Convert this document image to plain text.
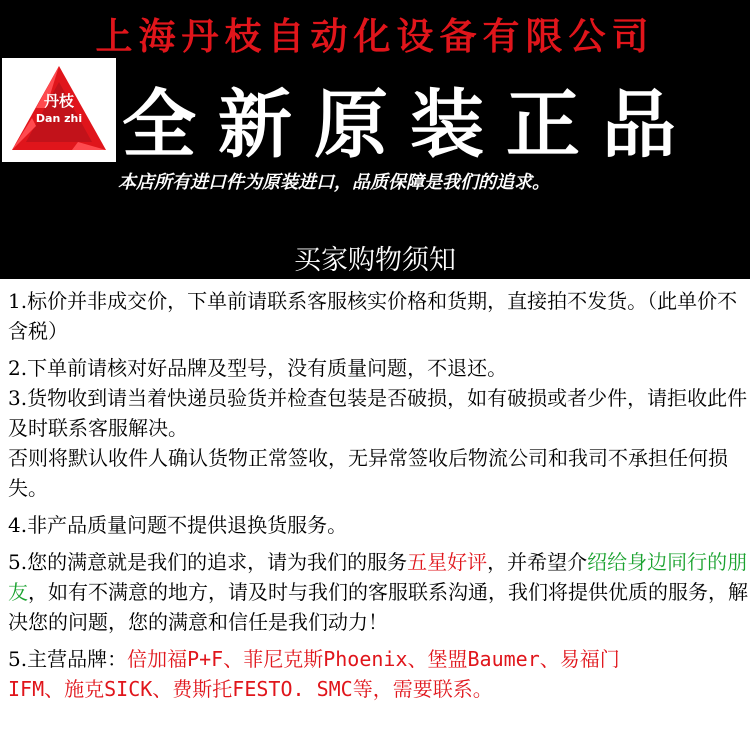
上海丹枝自动化设备有限公司
丹枝
Dan zhi 全新原装正品
本店所有进口件为原装进口，品质保障是我们的追求。
买家购物须知

1.标价并非成交价，下单前请联系客服核实价格和货期，直接拍不发货。（此单价不含税）

2.下单前请核对好品牌及型号，没有质量问题，不退还。

3.货物收到请当着快递员验货并检查包装是否破损，如有破损或者少件，请拒收此件及时联系客服解决。

否则将默认收件人确认货物正常签收，无异常签收后物流公司和我司不承担任何损失。

4.非产品质量问题不提供退换货服务。

5.您的满意就是我们的追求，请为我们的服务五星好评，并希望介绍给身边同行的朋友，如有不满意的地方，请及时与我们的客服联系沟通，我们将提供优质的服务，解决您的问题，您的满意和信任是我们动力！

5.主营品牌：倍加福P+F、菲尼克斯Phoenix、堡盟Baumer、易福门
IFM、施克SICK、费斯托FESTO. SMC等，需要联系。
